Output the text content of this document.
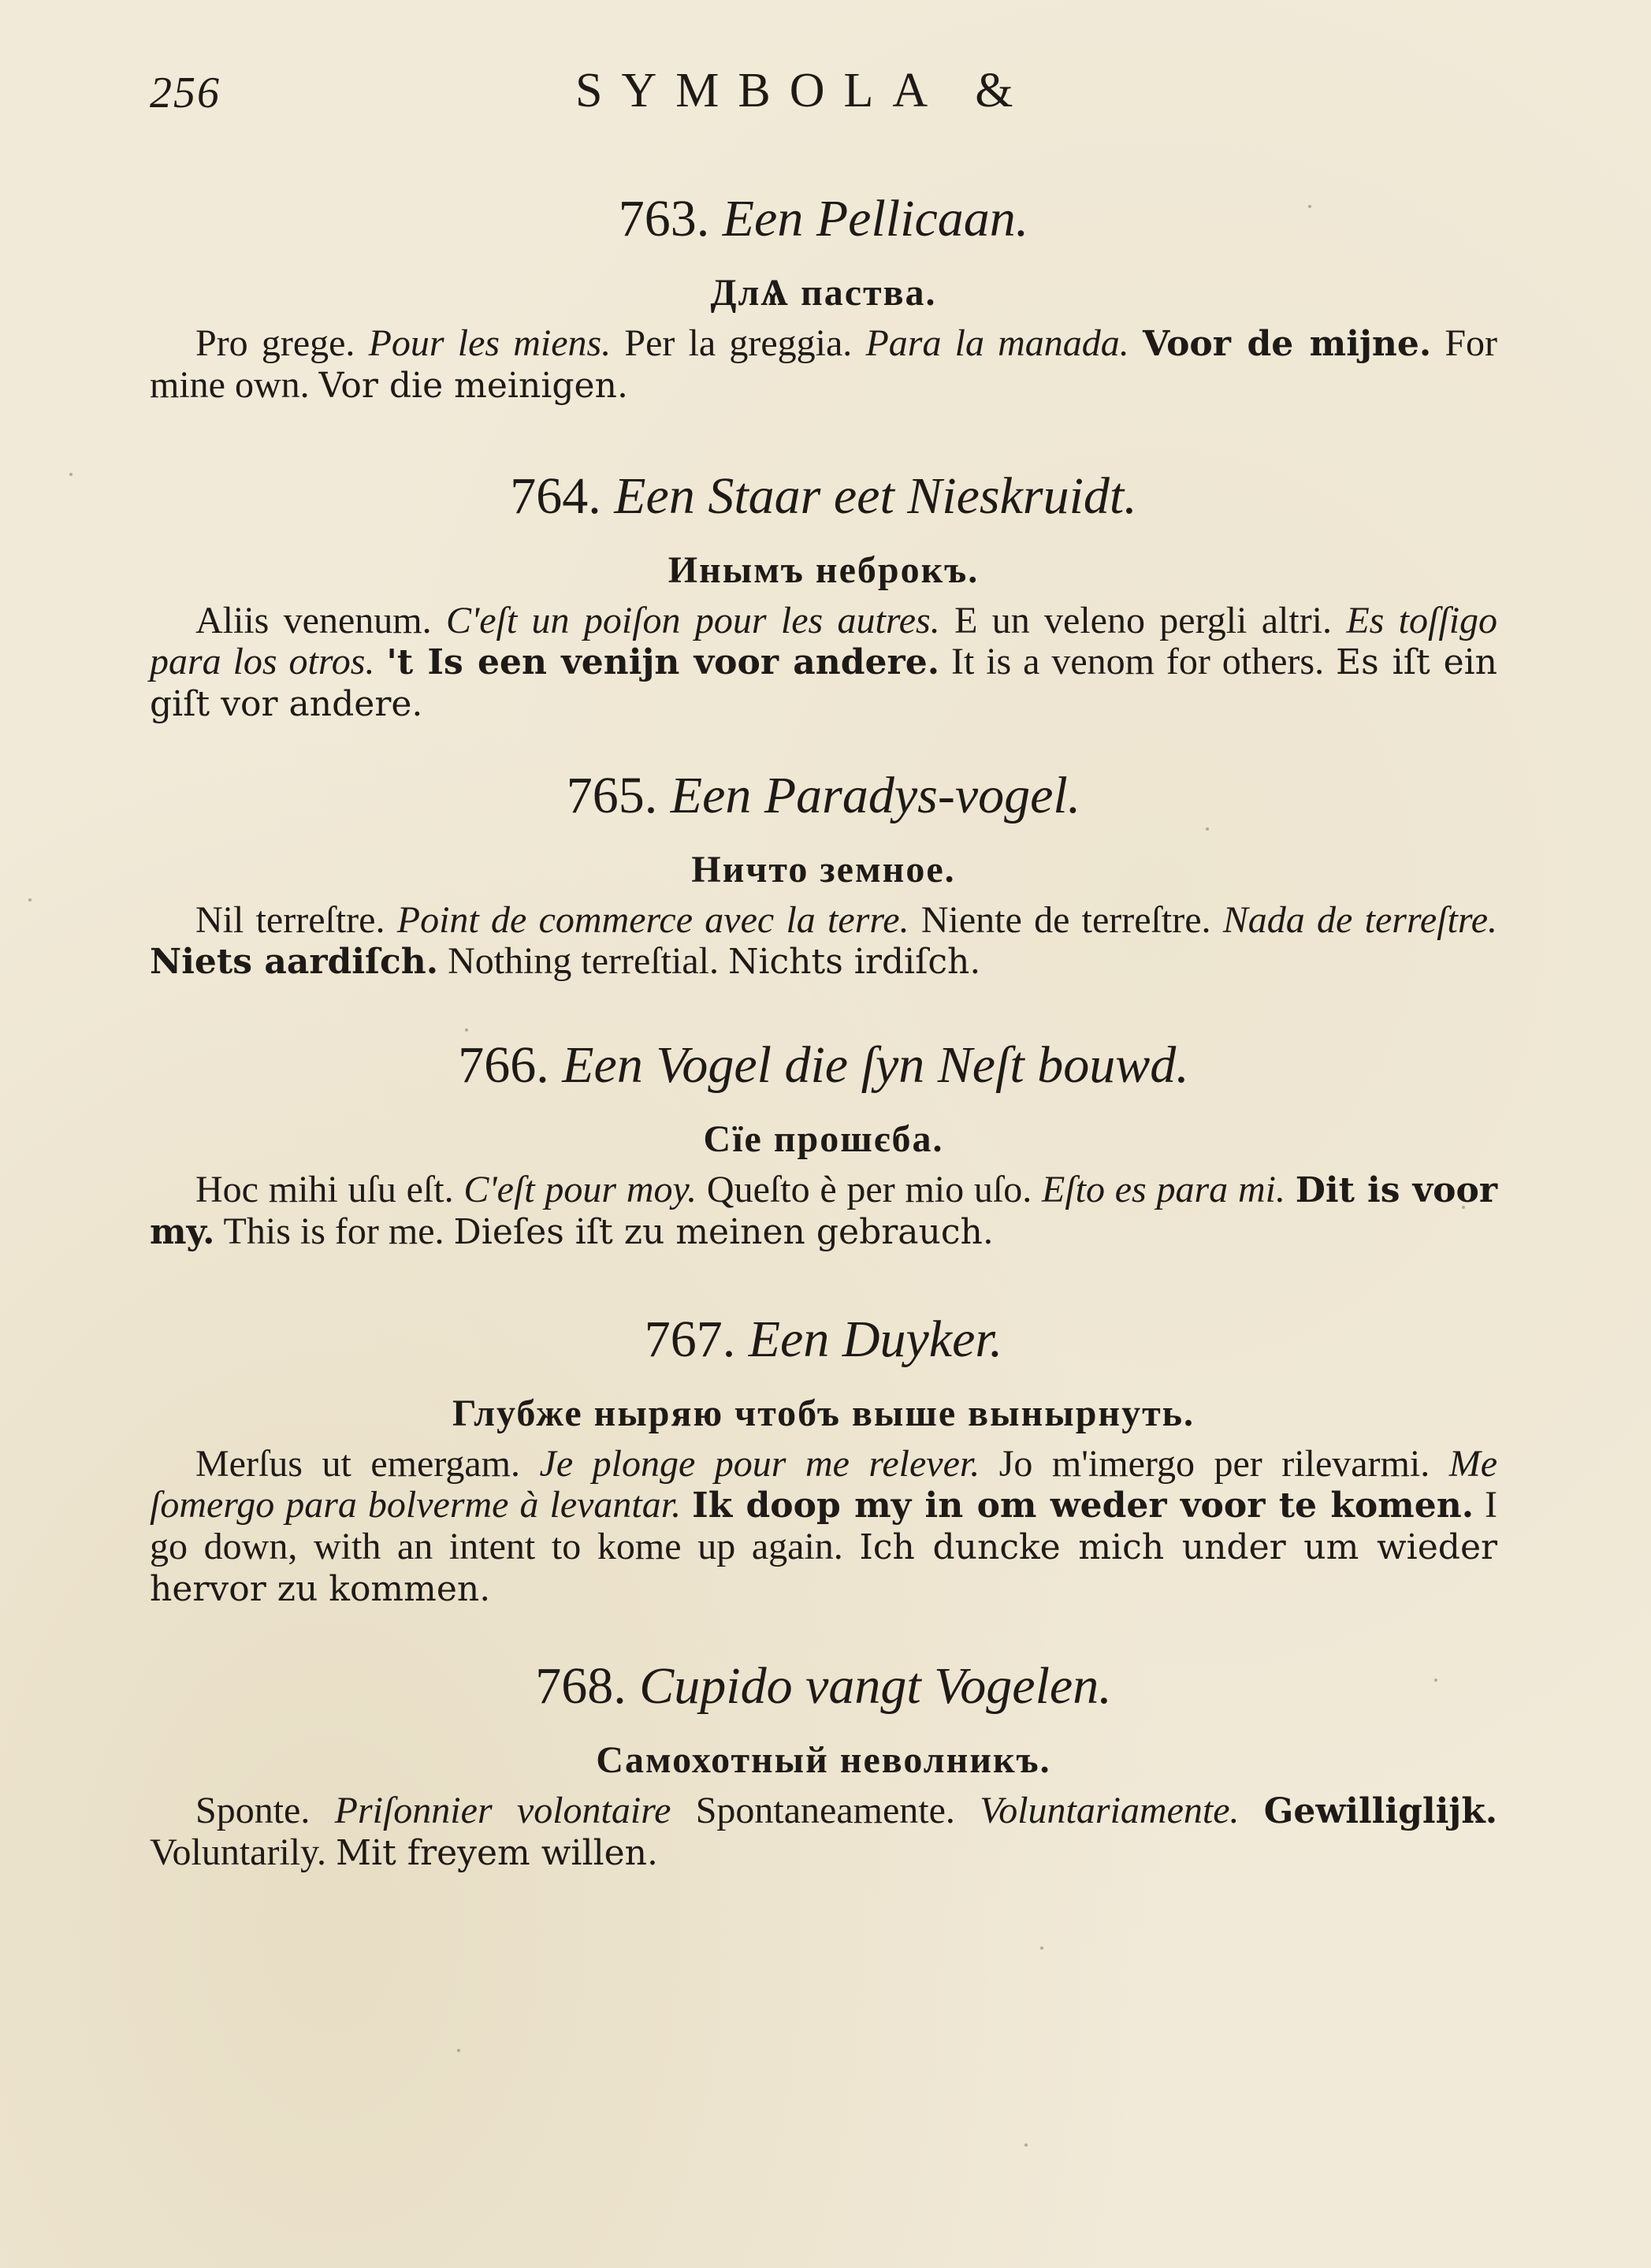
256	SYMBOLA &
763. Een Pellicaan.
ДлѦ паства.

Pro grege. Pour les miens. Per la greggia. Para la manada. Voor de mijne. For mine own. Vor die meinigen.

764. Een Staar eet Nieskruidt.
Инымъ неброкъ.

Aliis venenum. C'eſt un poiſon pour les autres. E un veleno pergli altri. Es toſſigo para los otros. 't Is een venijn voor andere. It is a venom for others. Es iſt ein giſt vor andere.

765. Een Paradys-vogel.
Ничто земное.

Nil terreſtre. Point de commerce avec la terre. Niente de terreſtre. Nada de terreſtre. Niets aardiſch. Nothing terreſtial. Nichts irdiſch.

766. Een Vogel die ſyn Neſt bouwd.
Сїе прошєба.

Hoc mihi uſu eſt. C'eſt pour moy. Queſto è per mio uſo. Eſto es para mi. Dit is voor my. This is for me. Dieſes iſt zu meinen gebrauch.

767. Een Duyker.
Глубже ныряю чтобъ выше вынырнуть.

Merſus ut emergam. Je plonge pour me relever. Jo m'imergo per rilevarmi. Me ſomergo para bolverme à levantar. Ik doop my in om weder voor te komen. I go down, with an intent to kome up again. Ich duncke mich under um wieder hervor zu kommen.

768. Cupido vangt Vogelen.
Самохотный неволникъ.

Sponte. Priſonnier volontaire Spontaneamente. Voluntariamente. Gewilliglijk. Voluntarily. Mit freyem willen.
